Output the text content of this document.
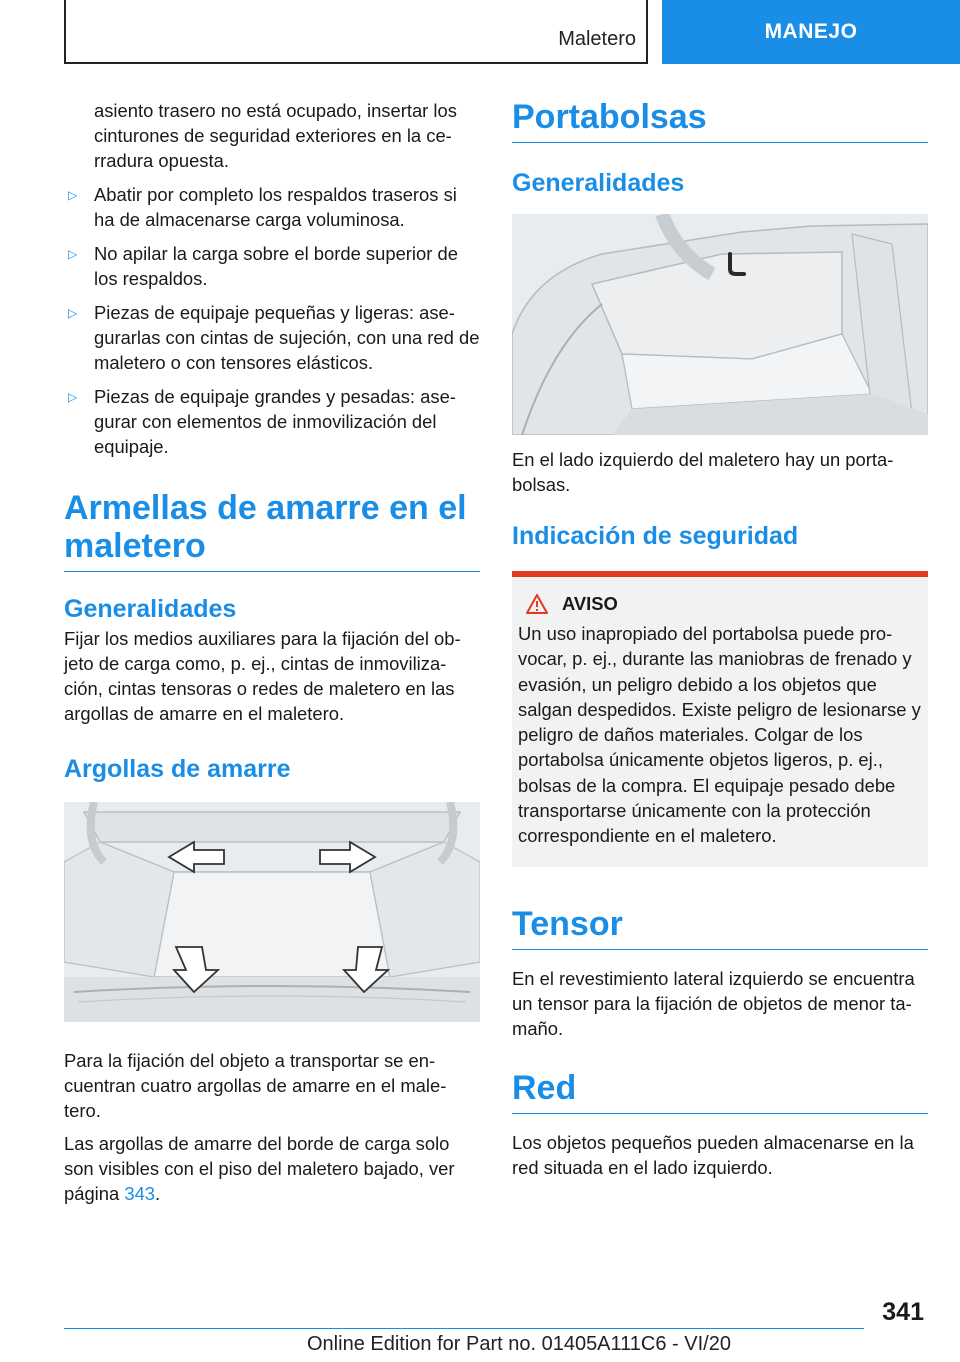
Maletero	MANEJO

asiento trasero no está ocupado, insertar los cinturones de seguridad exteriores en la ce-rradura opuesta.

▷ Abatir por completo los respaldos traseros si ha de almacenarse carga voluminosa.
▷ No apilar la carga sobre el borde superior de los respaldos.
▷ Piezas de equipaje pequeñas y ligeras: ase-gurarlas con cintas de sujeción, con una red de maletero o con tensores elásticos.
▷ Piezas de equipaje grandes y pesadas: ase-gurar con elementos de inmovilización del equipaje.
Armellas de amarre en el maletero
Generalidades

Fijar los medios auxiliares para la fijación del ob-jeto de carga como, p. ej., cintas de inmoviliza-ción, cintas tensoras o redes de maletero en las argollas de amarre en el maletero.

Argollas de amarre

Para la fijación del objeto a transportar se en-cuentran cuatro argollas de amarre en el male-tero.

Las argollas de amarre del borde de carga solo son visibles con el piso del maletero bajado, ver página 343.

Portabolsas
Generalidades

En el lado izquierdo del maletero hay un porta-bolsas.

Indicación de seguridad
AVISO

Un uso inapropiado del portabolsa puede pro-vocar, p. ej., durante las maniobras de frenado y evasión, un peligro debido a los objetos que salgan despedidos. Existe peligro de lesionarse y peligro de daños materiales. Colgar de los portabolsa únicamente objetos ligeros, p. ej., bolsas de la compra. El equipaje pesado debe transportarse únicamente con la protección correspondiente en el maletero.

Tensor

En el revestimiento lateral izquierdo se encuentra un tensor para la fijación de objetos de menor ta-maño.

Red

Los objetos pequeños pueden almacenarse en la red situada en el lado izquierdo.

341
Online Edition for Part no. 01405A111C6 - VI/20
